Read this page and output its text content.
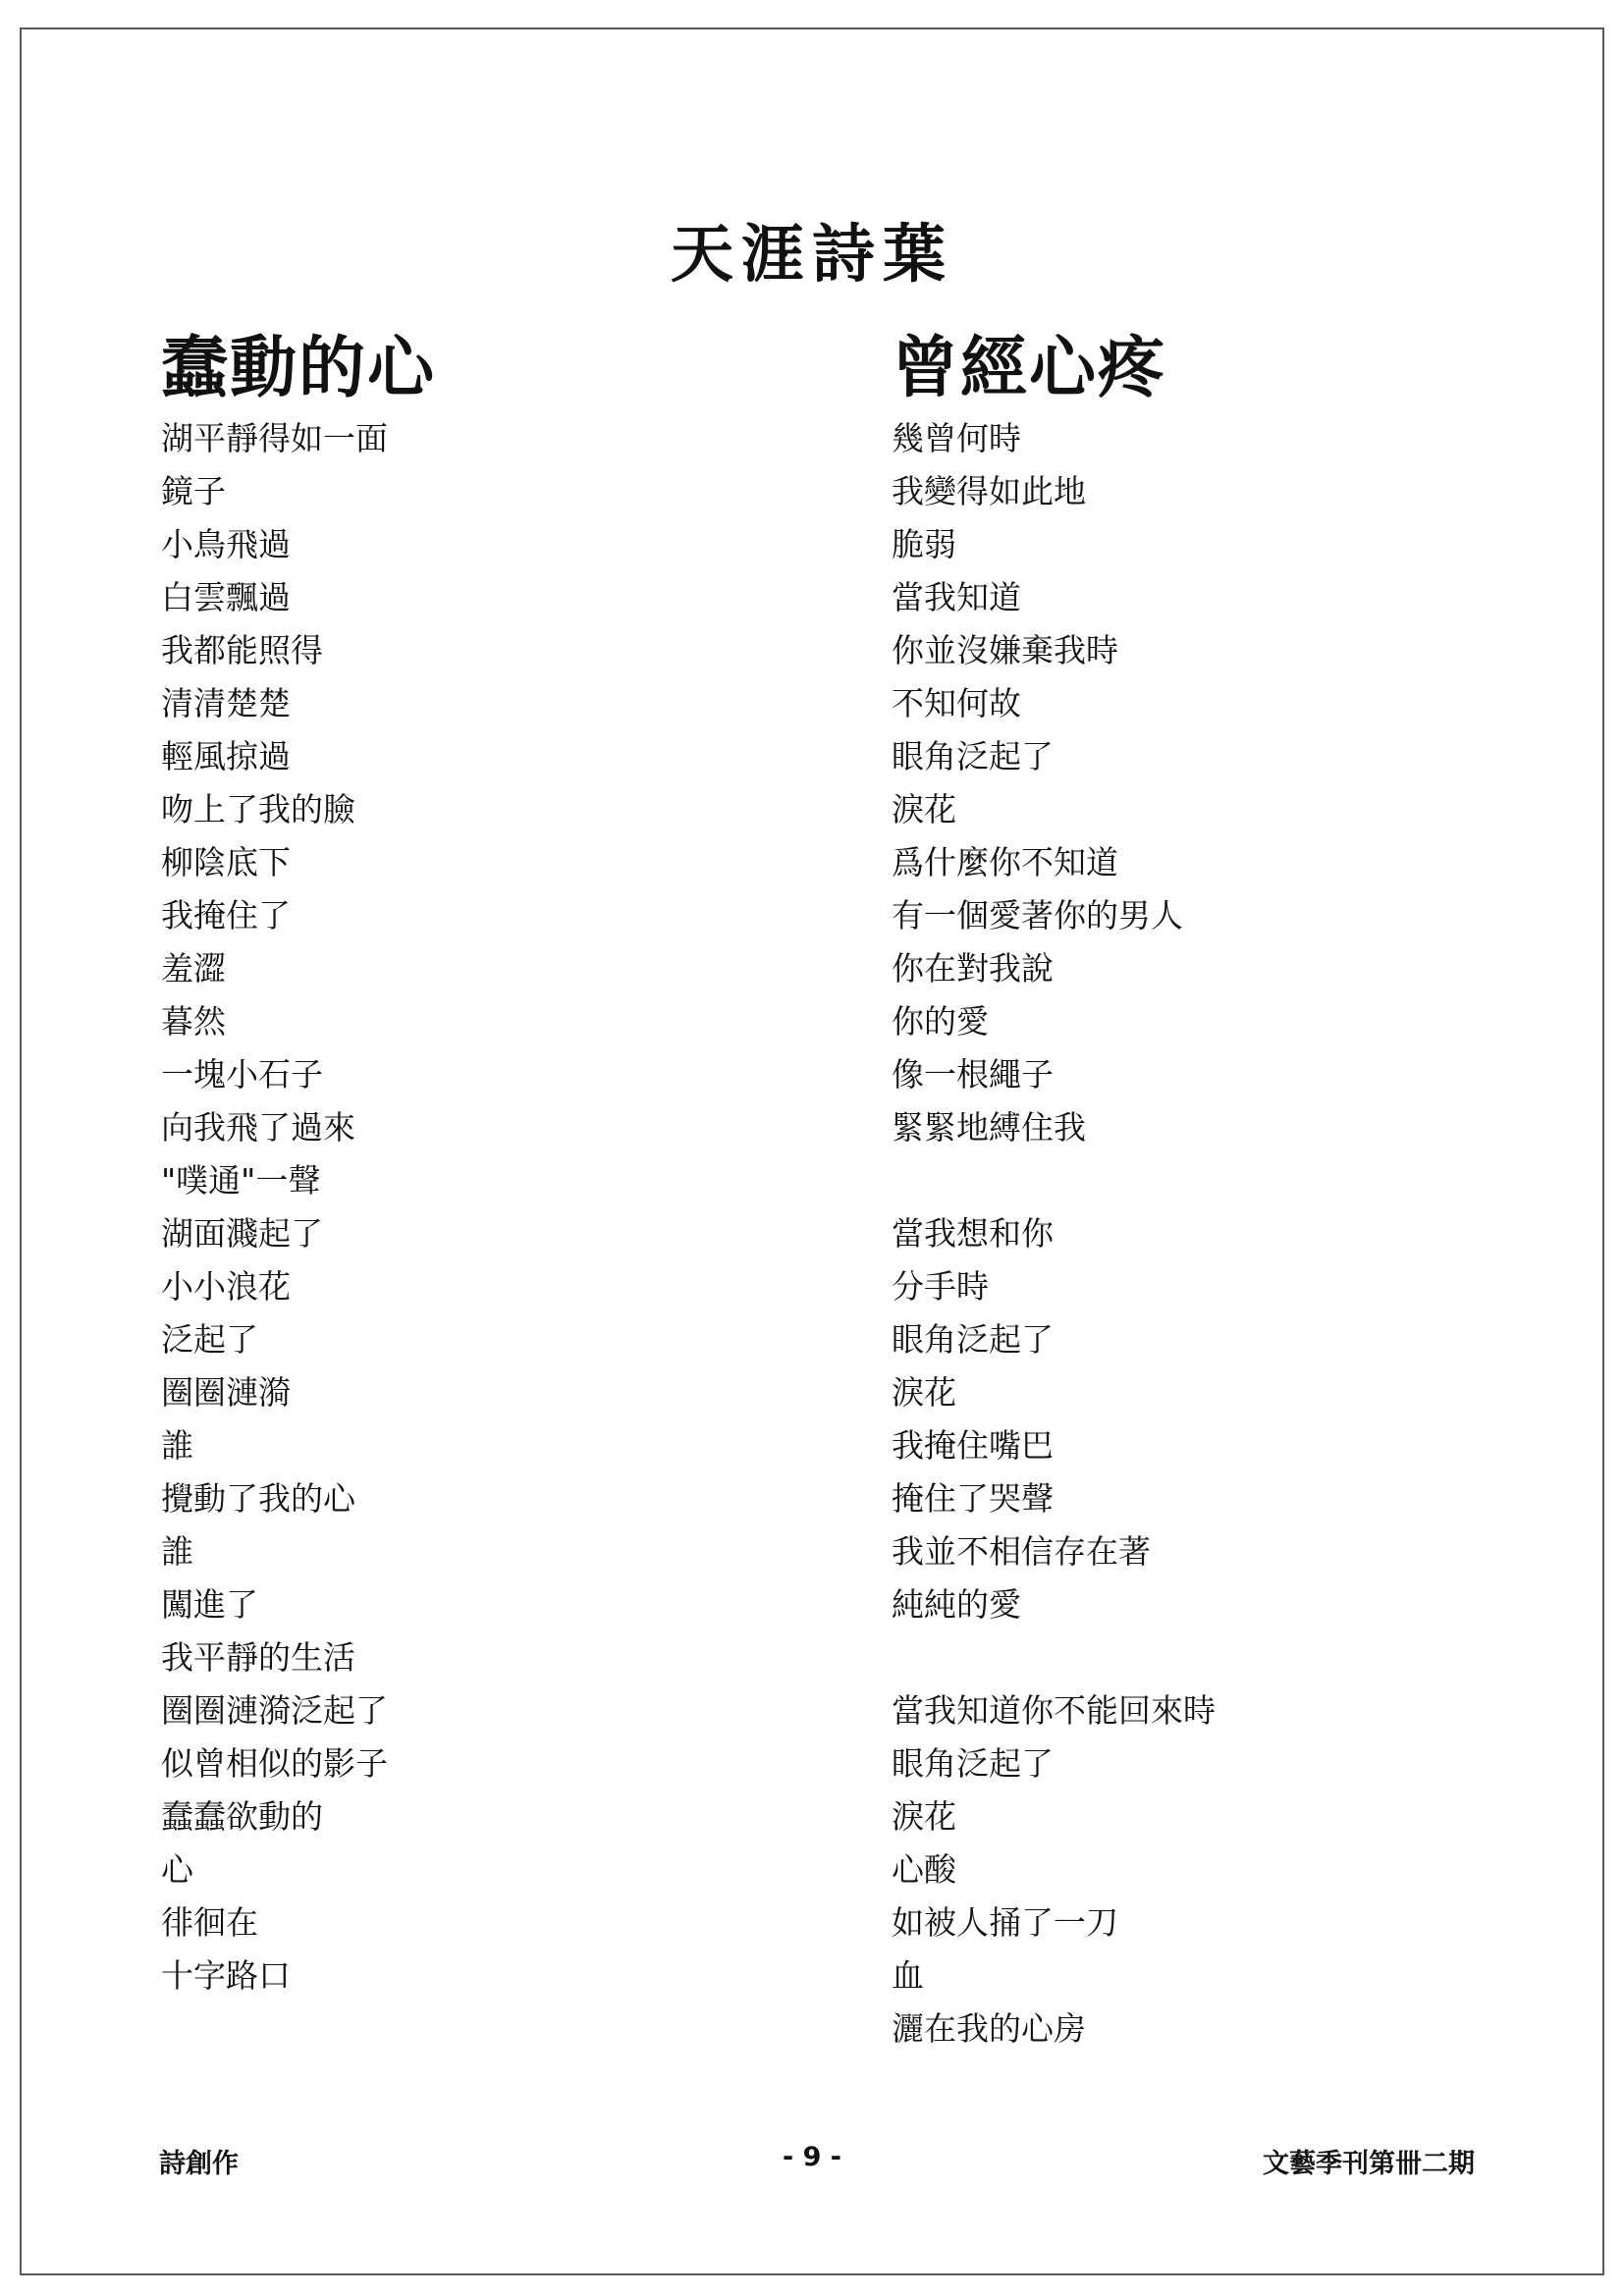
天涯詩葉
蠢動的心
湖平靜得如一面
鏡子
小鳥飛過
白雲飄過
我都能照得
清清楚楚
輕風掠過
吻上了我的臉
柳陰底下
我掩住了
羞澀
暮然
一塊小石子
向我飛了過來
"噗通"一聲
湖面濺起了
小小浪花
泛起了
圈圈漣漪
誰
攪動了我的心
誰
闖進了
我平靜的生活
圈圈漣漪泛起了
似曾相似的影子
蠢蠢欲動的
心
徘徊在
十字路口
曾經心疼
幾曾何時
我變得如此地
脆弱
當我知道
你並沒嫌棄我時
不知何故
眼角泛起了
淚花
爲什麼你不知道
有一個愛著你的男人
你在對我說
你的愛
像一根繩子
緊緊地縛住我
當我想和你
分手時
眼角泛起了
淚花
我掩住嘴巴
掩住了哭聲
我並不相信存在著
純純的愛
當我知道你不能回來時
眼角泛起了
淚花
心酸
如被人捅了一刀
血
灑在我的心房
詩創作	- 9 -	文藝季刊第卌二期
